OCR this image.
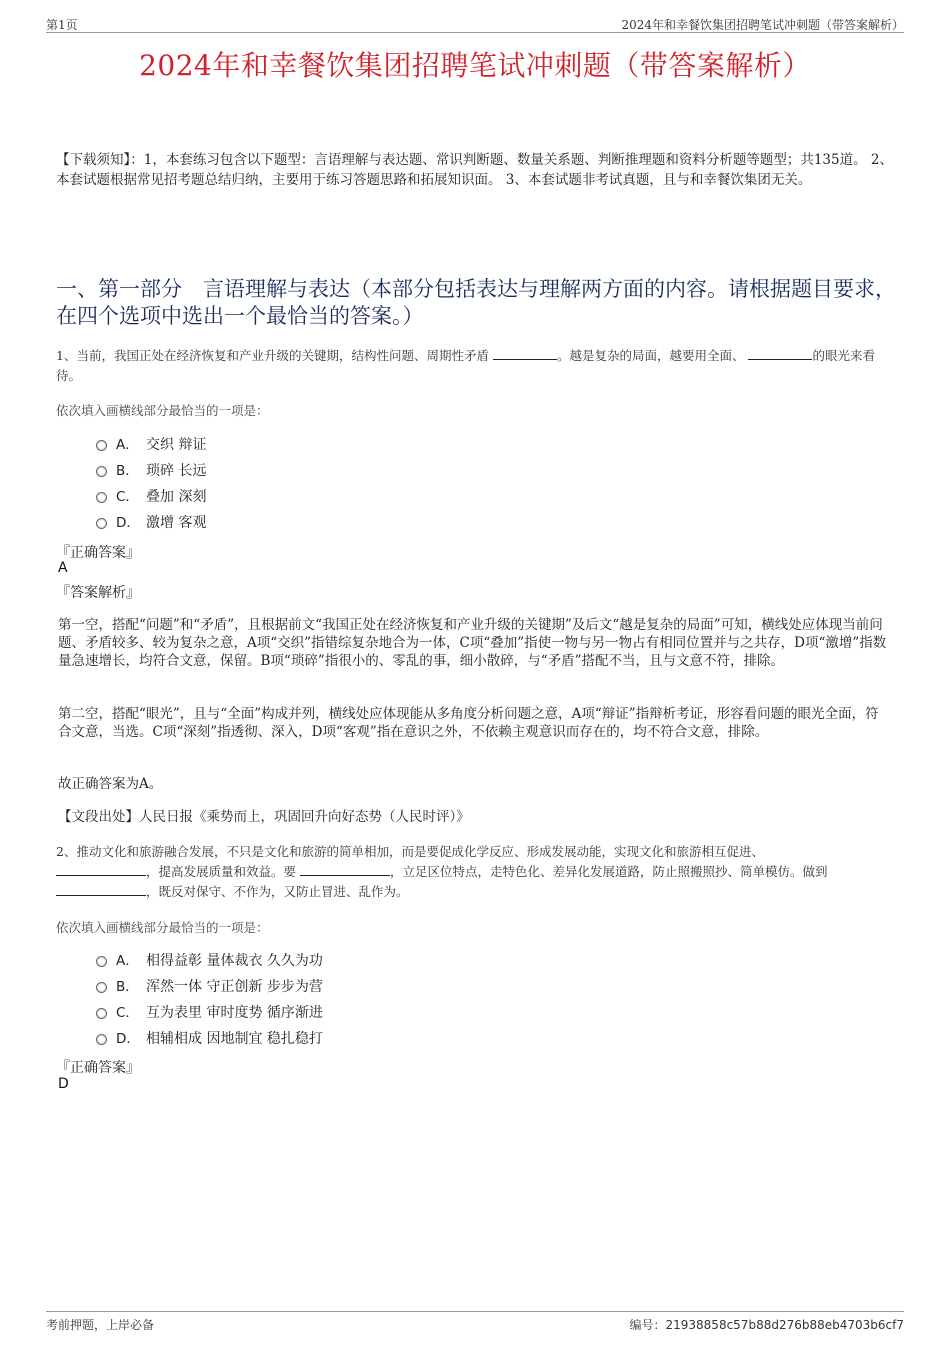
第1页	2024年和幸餐饮集团招聘笔试冲刺题（带答案解析）
2024年和幸餐饮集团招聘笔试冲刺题（带答案解析）
【下载须知】：1，本套练习包含以下题型：言语理解与表达题、常识判断题、数量关系题、判断推理题和资料分析题等题型；共135道。 2、本套试题根据常见招考题总结归纳，主要用于练习答题思路和拓展知识面。 3、本套试题非考试真题，且与和幸餐饮集团无关。
一、第一部分　言语理解与表达（本部分包括表达与理解两方面的内容。请根据题目要求，在四个选项中选出一个最恰当的答案。）
1、当前，我国正处在经济恢复和产业升级的关键期，结构性问题、周期性矛盾	。越是复杂的局面，越要用全面、	的眼光来看待。
依次填入画横线部分最恰当的一项是：
A． 交织 辩证
B． 琐碎 长远
C． 叠加 深刻
D． 激增 客观
『正确答案』
A
『答案解析』
第一空，搭配“问题”和“矛盾”，且根据前文“我国正处在经济恢复和产业升级的关键期”及后文“越是复杂的局面”可知，横线处应体现当前问题、矛盾较多、较为复杂之意，A项“交织”指错综复杂地合为一体，C项“叠加”指使一物与另一物占有相同位置并与之共存，D项“激增”指数量急速增长，均符合文意，保留。B项“琐碎”指很小的、零乱的事，细小散碎，与“矛盾”搭配不当，且与文意不符，排除。
第二空，搭配“眼光”，且与“全面”构成并列，横线处应体现能从多角度分析问题之意，A项“辩证”指辩析考证，形容看问题的眼光全面，符合文意，当选。C项“深刻”指透彻、深入，D项“客观”指在意识之外，不依赖主观意识而存在的，均不符合文意，排除。
故正确答案为A。
【文段出处】人民日报《乘势而上，巩固回升向好态势（人民时评）》
2、推动文化和旅游融合发展，不只是文化和旅游的简单相加，而是要促成化学反应、形成发展动能，实现文化和旅游相互促进、
，提高发展质量和效益。要	，立足区位特点，走特色化、差异化发展道路，防止照搬照抄、简单模仿。做到
，既反对保守、不作为，又防止冒进、乱作为。
依次填入画横线部分最恰当的一项是：
A． 相得益彰 量体裁衣 久久为功
B． 浑然一体 守正创新 步步为营
C． 互为表里 审时度势 循序渐进
D． 相辅相成 因地制宜 稳扎稳打
『正确答案』
D
考前押题，上岸必备	编号：21938858c57b88d276b88eb4703b6cf7
